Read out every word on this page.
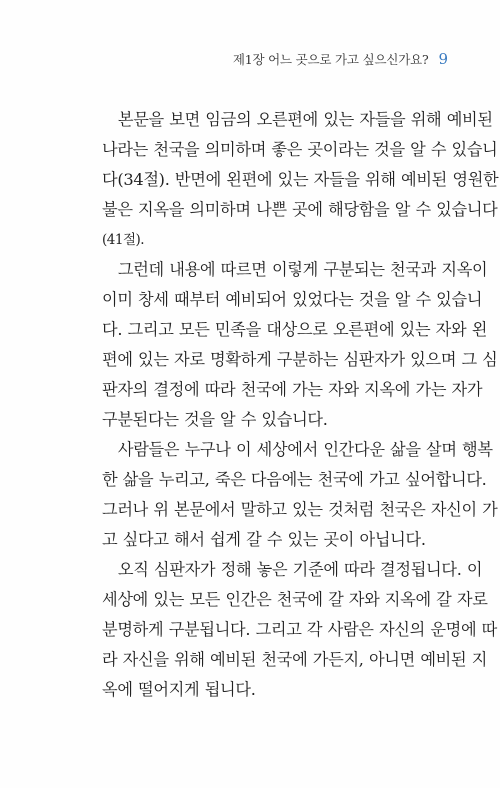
제1장 어느 곳으로 가고 싶으신가요? 9
　본문을 보면 임금의 오른편에 있는 자들을 위해 예비된
나라는 천국을 의미하며 좋은 곳이라는 것을 알 수 있습니
다(34절). 반면에 왼편에 있는 자들을 위해 예비된 영원한
불은 지옥을 의미하며 나쁜 곳에 해당함을 알 수 있습니다
(41절).
　그런데 내용에 따르면 이렇게 구분되는 천국과 지옥이
이미 창세 때부터 예비되어 있었다는 것을 알 수 있습니
다. 그리고 모든 민족을 대상으로 오른편에 있는 자와 왼
편에 있는 자로 명확하게 구분하는 심판자가 있으며 그 심
판자의 결정에 따라 천국에 가는 자와 지옥에 가는 자가
구분된다는 것을 알 수 있습니다.
　사람들은 누구나 이 세상에서 인간다운 삶을 살며 행복
한 삶을 누리고, 죽은 다음에는 천국에 가고 싶어합니다.
그러나 위 본문에서 말하고 있는 것처럼 천국은 자신이 가
고 싶다고 해서 쉽게 갈 수 있는 곳이 아닙니다.
　오직 심판자가 정해 놓은 기준에 따라 결정됩니다. 이
세상에 있는 모든 인간은 천국에 갈 자와 지옥에 갈 자로
분명하게 구분됩니다. 그리고 각 사람은 자신의 운명에 따
라 자신을 위해 예비된 천국에 가든지, 아니면 예비된 지
옥에 떨어지게 됩니다.
